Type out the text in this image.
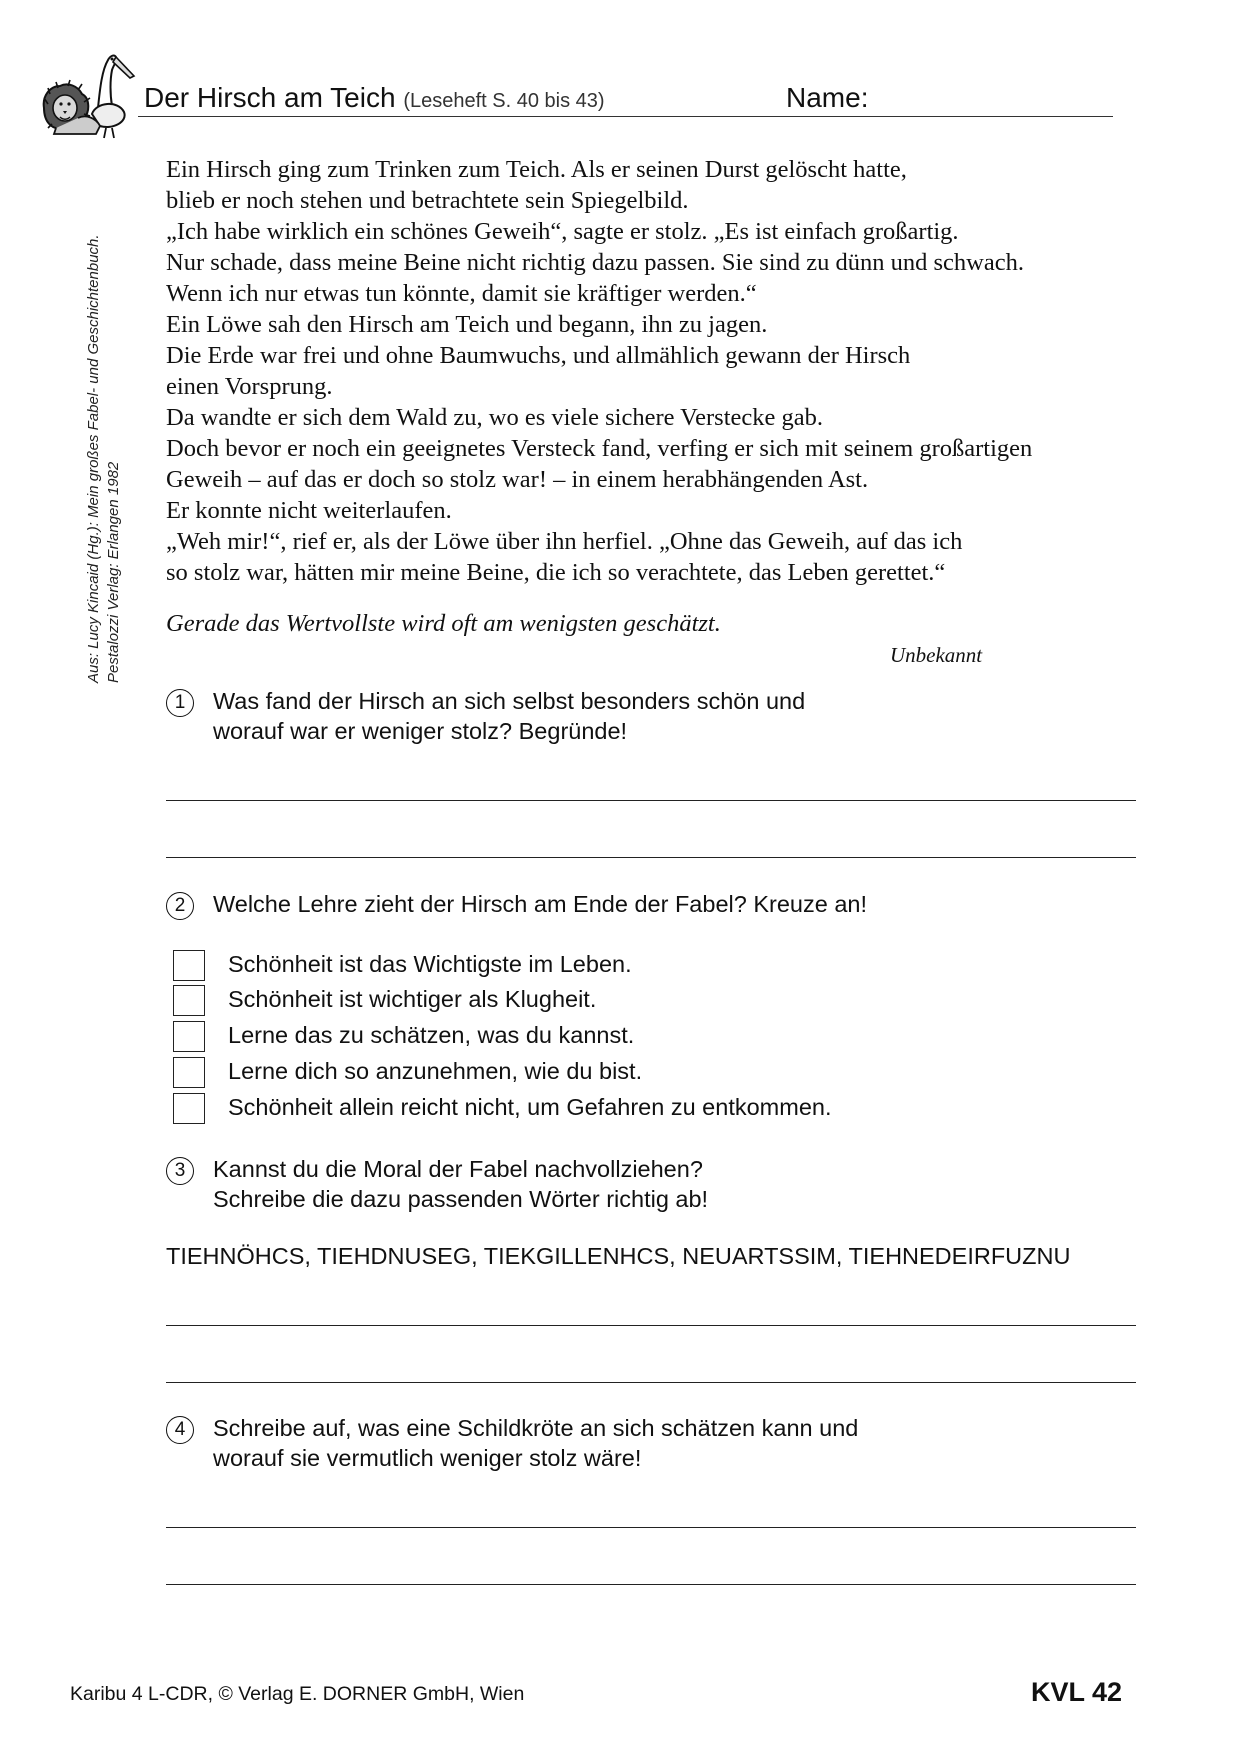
Der Hirsch am Teich (Leseheft S. 40 bis 43)	Name:
Aus: Lucy Kincaid (Hg.): Mein großes Fabel- und Geschichtenbuch. Pestalozzi Verlag: Erlangen 1982
Ein Hirsch ging zum Trinken zum Teich. Als er seinen Durst gelöscht hatte,
blieb er noch stehen und betrachtete sein Spiegelbild.
„Ich habe wirklich ein schönes Geweih“, sagte er stolz. „Es ist einfach großartig.
Nur schade, dass meine Beine nicht richtig dazu passen. Sie sind zu dünn und schwach.
Wenn ich nur etwas tun könnte, damit sie kräftiger werden.“
Ein Löwe sah den Hirsch am Teich und begann, ihn zu jagen.
Die Erde war frei und ohne Baumwuchs, und allmählich gewann der Hirsch
einen Vorsprung.
Da wandte er sich dem Wald zu, wo es viele sichere Verstecke gab.
Doch bevor er noch ein geeignetes Versteck fand, verfing er sich mit seinem großartigen
Geweih – auf das er doch so stolz war! – in einem herabhängenden Ast.
Er konnte nicht weiterlaufen.
„Weh mir!“, rief er, als der Löwe über ihn herfiel. „Ohne das Geweih, auf das ich
so stolz war, hätten mir meine Beine, die ich so verachtete, das Leben gerettet.“
Gerade das Wertvollste wird oft am wenigsten geschätzt.
Unbekannt
1	Was fand der Hirsch an sich selbst besonders schön und
worauf war er weniger stolz? Begründe!
2	Welche Lehre zieht der Hirsch am Ende der Fabel? Kreuze an!
Schönheit ist das Wichtigste im Leben.
Schönheit ist wichtiger als Klugheit.
Lerne das zu schätzen, was du kannst.
Lerne dich so anzunehmen, wie du bist.
Schönheit allein reicht nicht, um Gefahren zu entkommen.
3	Kannst du die Moral der Fabel nachvollziehen?
Schreibe die dazu passenden Wörter richtig ab!
TIEHNÖHCS, TIEHDNUSEG, TIEKGILLENHCS, NEUARTSSIM, TIEHNEDEIRFUZNU
4	Schreibe auf, was eine Schildkröte an sich schätzen kann und
worauf sie vermutlich weniger stolz wäre!
Karibu 4 L-CDR, © Verlag E. DORNER GmbH, Wien	KVL 42
